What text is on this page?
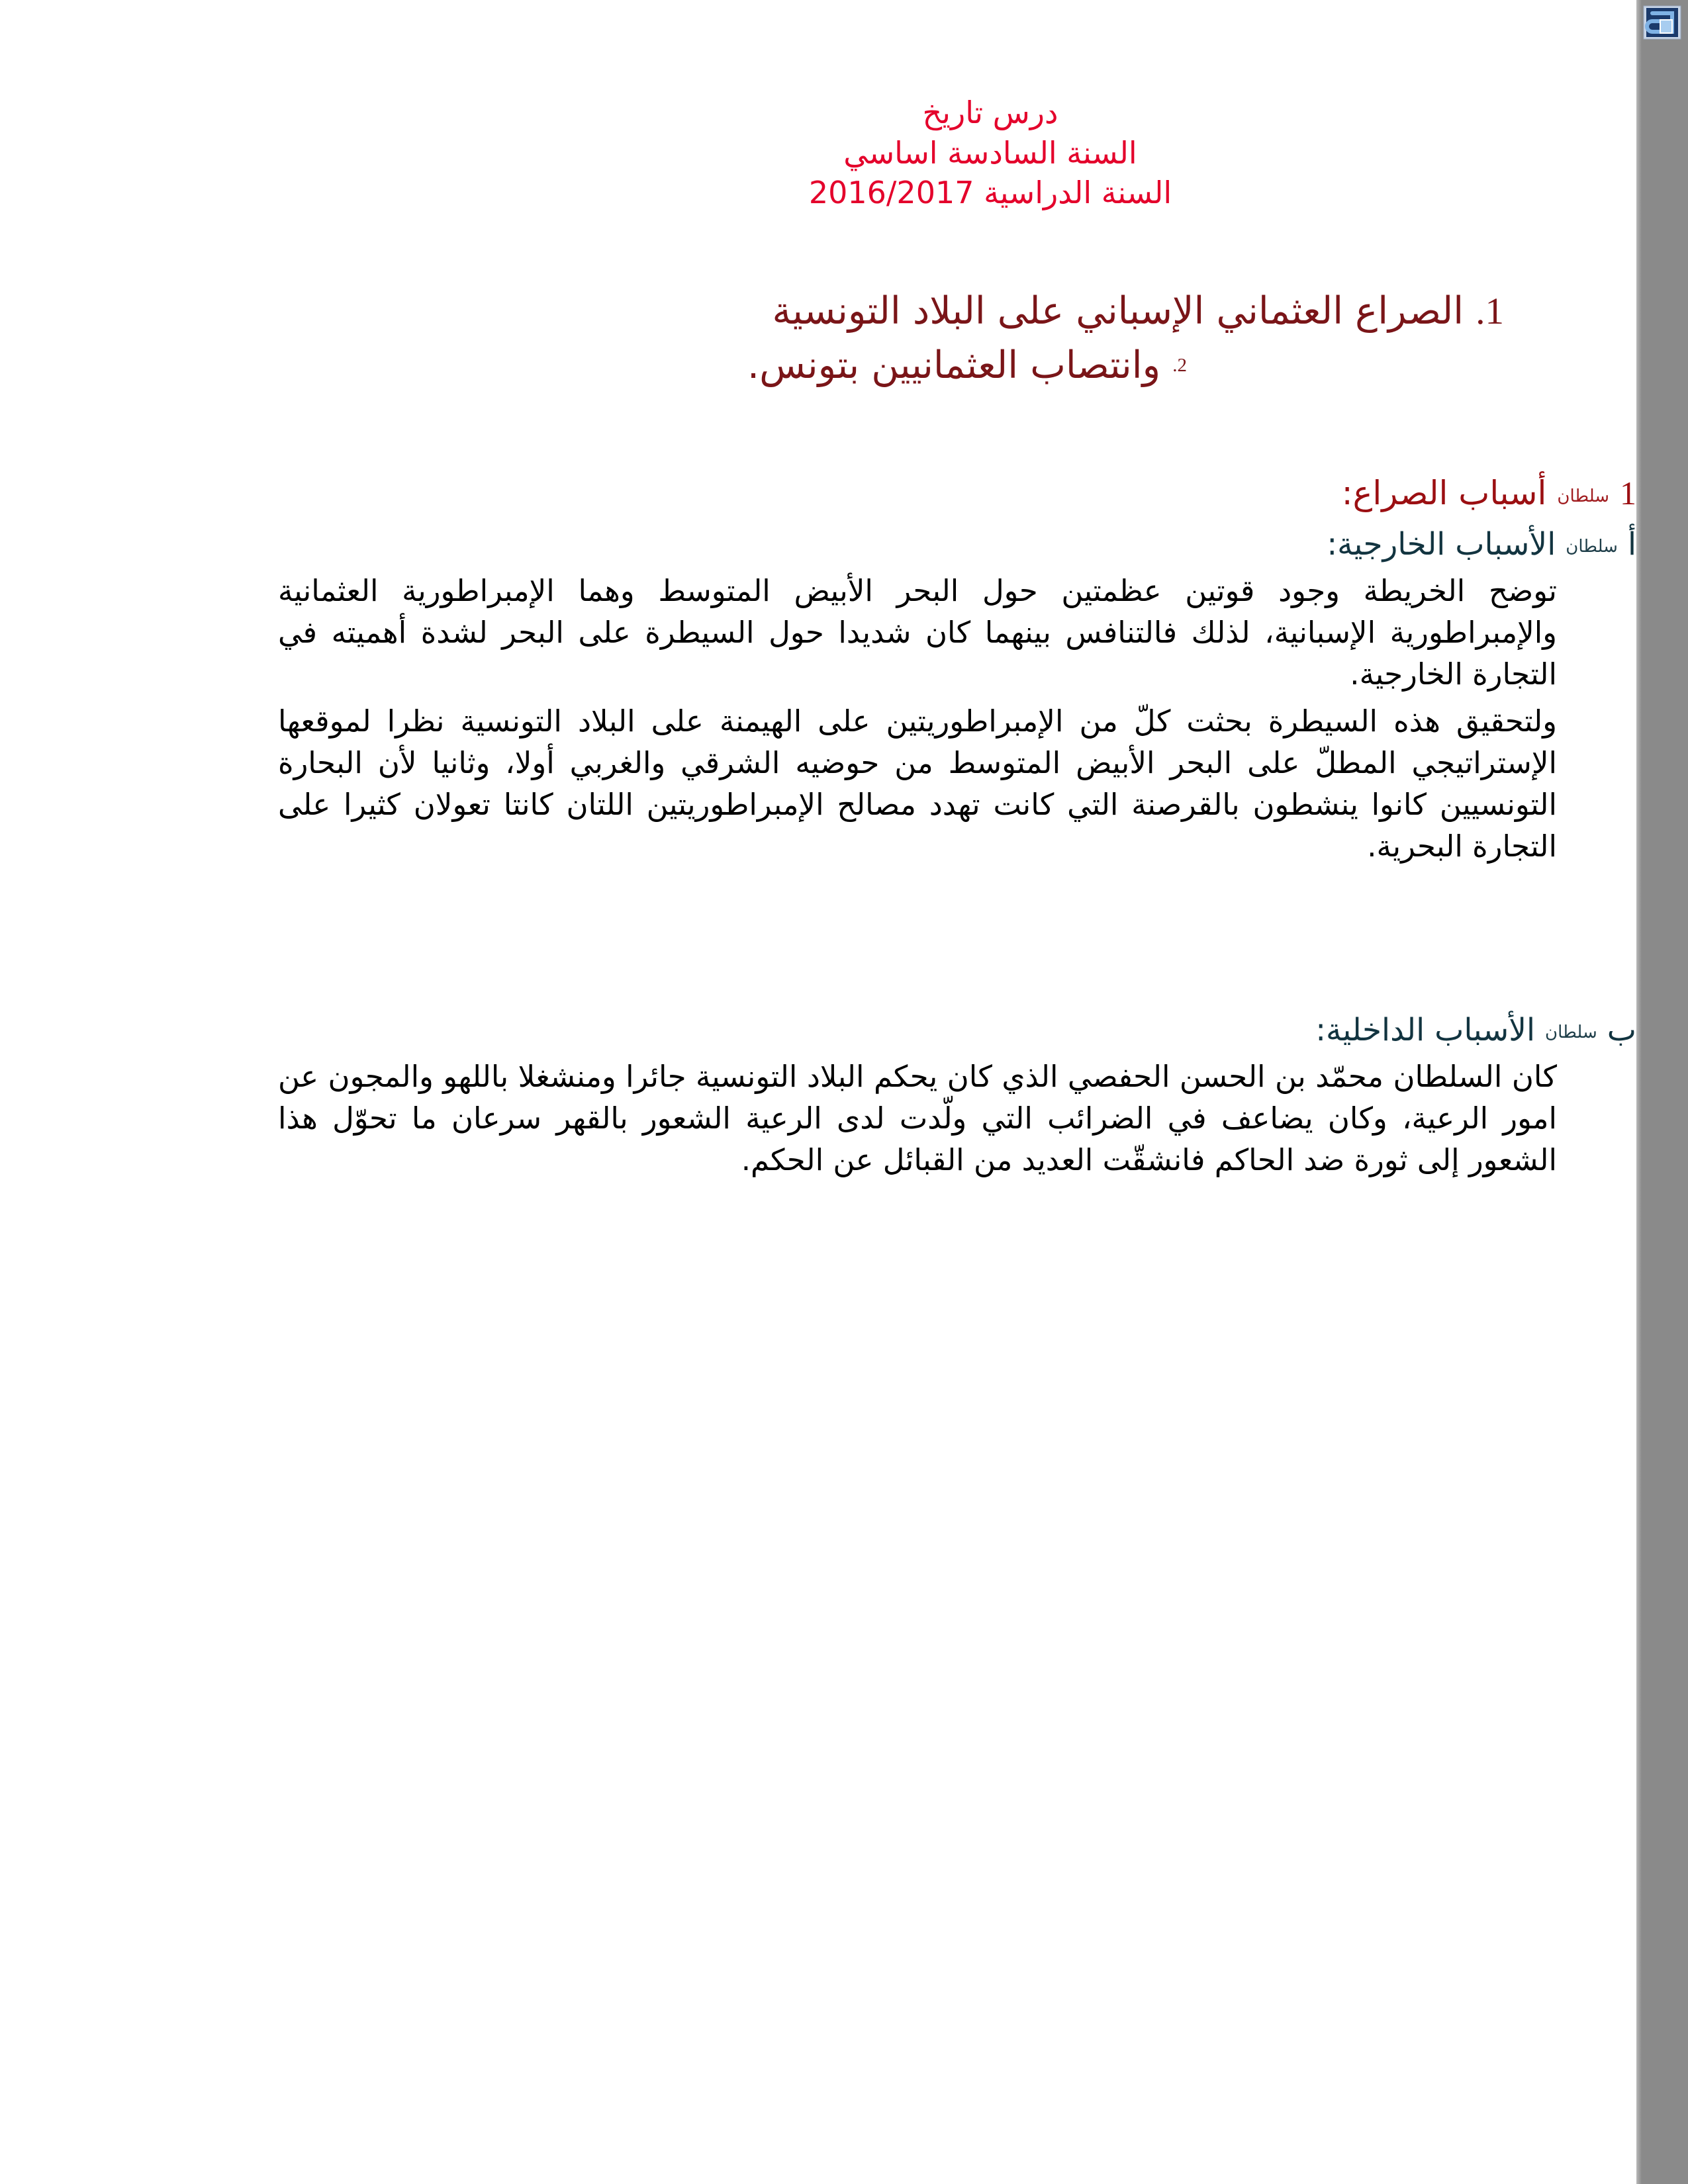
درس تاريخ
السنة السادسة اساسي
السنة الدراسية 2016/2017
1. الصراع العثماني الإسباني على البلاد التونسية
2. وانتصاب العثمانيين بتونس.
1 سلطان أسباب الصراع:
أ سلطان الأسباب الخارجية:
توضح الخريطة وجود قوتين عظمتين حول البحر الأبيض المتوسط وهما الإمبراطورية العثمانية والإمبراطورية الإسبانية، لذلك فالتنافس بينهما كان شديدا حول السيطرة على البحر لشدة أهميته في التجارة الخارجية.
ولتحقيق هذه السيطرة بحثت كلّ من الإمبراطوريتين على الهيمنة على البلاد التونسية نظرا لموقعها الإستراتيجي المطلّ على البحر الأبيض المتوسط من حوضيه الشرقي والغربي أولا، وثانيا لأن البحارة التونسيين كانوا ينشطون بالقرصنة التي كانت تهدد مصالح الإمبراطوريتين اللتان كانتا تعولان كثيرا على التجارة البحرية.
ب سلطان الأسباب الداخلية:
كان السلطان محمّد بن الحسن الحفصي الذي كان يحكم البلاد التونسية جائرا ومنشغلا باللهو والمجون عن امور الرعية، وكان يضاعف في الضرائب التي ولّدت لدى الرعية الشعور بالقهر سرعان ما تحوّل هذا الشعور إلى ثورة ضد الحاكم فانشقّت العديد من القبائل عن الحكم.
